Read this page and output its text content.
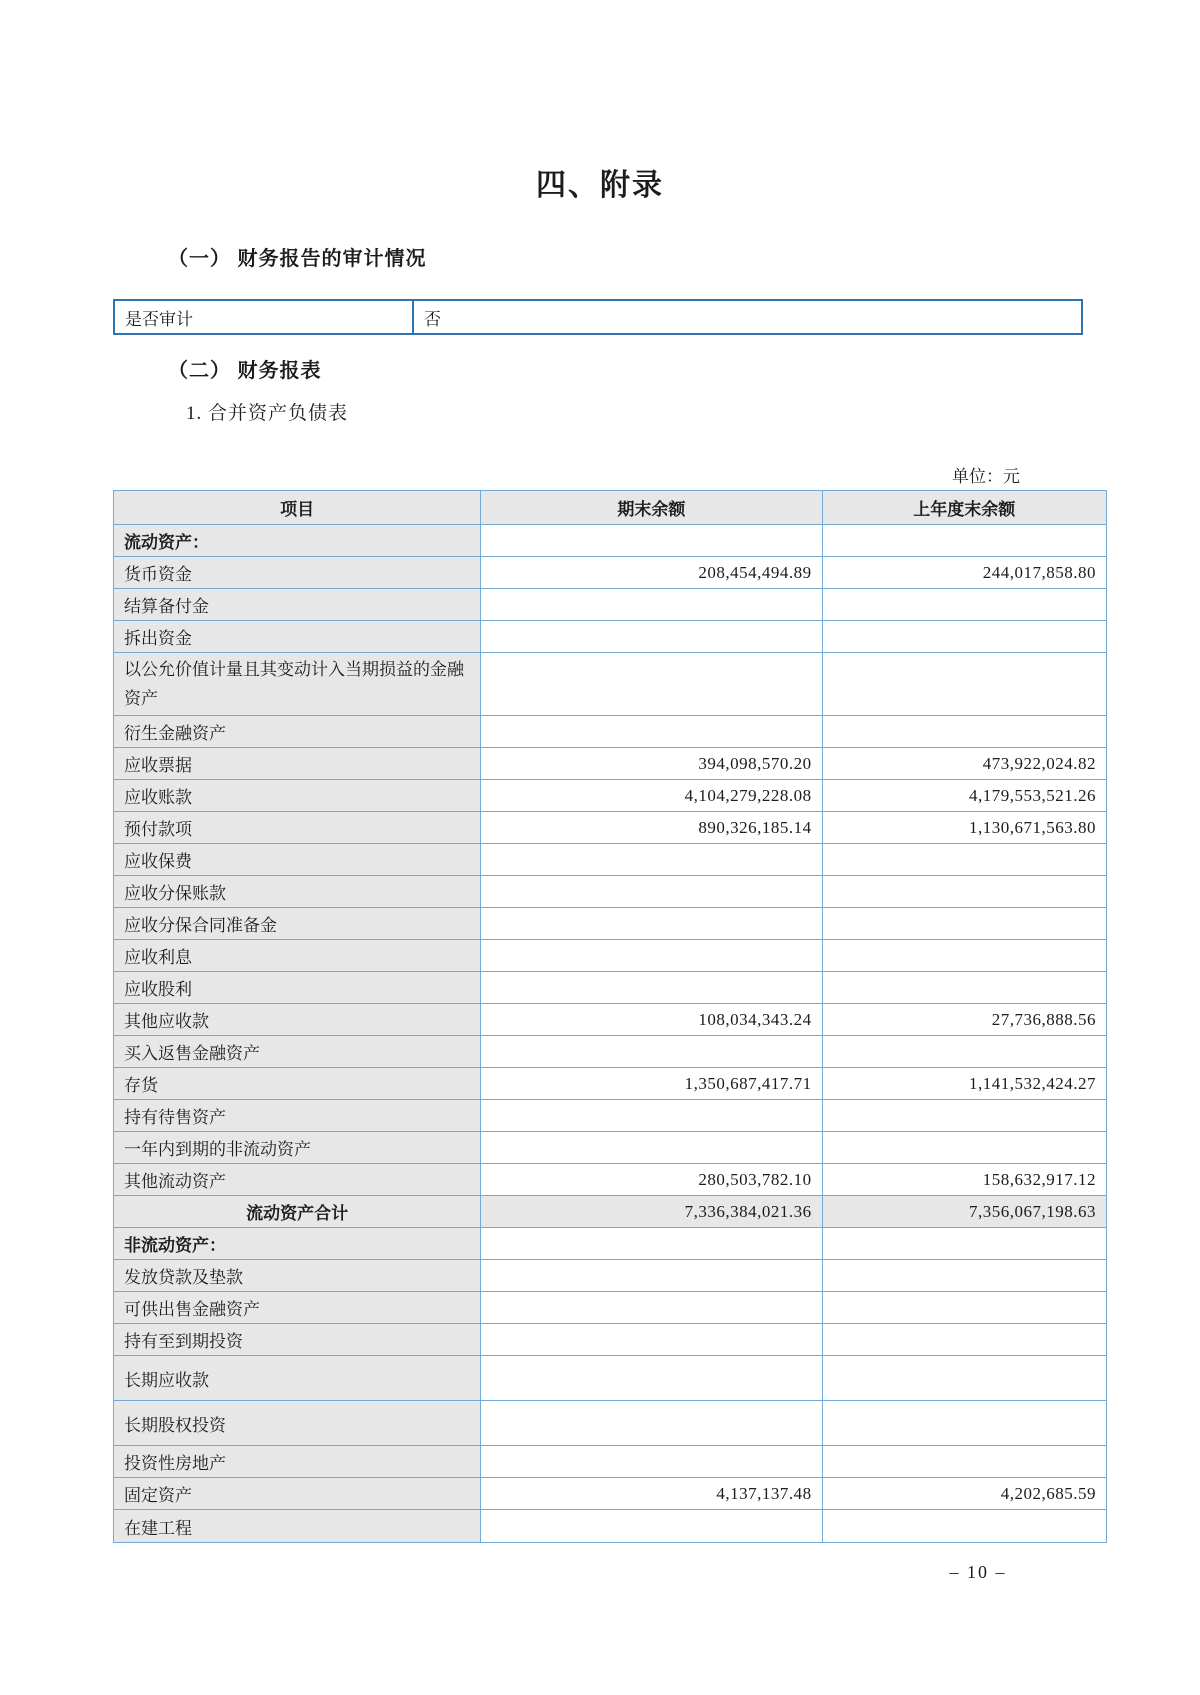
四、附录
（一） 财务报告的审计情况
是否审计	否
（二） 财务报表
1. 合并资产负债表
单位：元
项目	期末余额	上年度末余额
流动资产：
货币资金	208,454,494.89	244,017,858.80
结算备付金
拆出资金
以公允价值计量且其变动计入当期损益的金融资产
衍生金融资产
应收票据	394,098,570.20	473,922,024.82
应收账款	4,104,279,228.08	4,179,553,521.26
预付款项	890,326,185.14	1,130,671,563.80
应收保费
应收分保账款
应收分保合同准备金
应收利息
应收股利
其他应收款	108,034,343.24	27,736,888.56
买入返售金融资产
存货	1,350,687,417.71	1,141,532,424.27
持有待售资产
一年内到期的非流动资产
其他流动资产	280,503,782.10	158,632,917.12
流动资产合计	7,336,384,021.36	7,356,067,198.63
非流动资产：
发放贷款及垫款
可供出售金融资产
持有至到期投资
长期应收款
长期股权投资
投资性房地产
固定资产	4,137,137.48	4,202,685.59
在建工程
– 10 –
